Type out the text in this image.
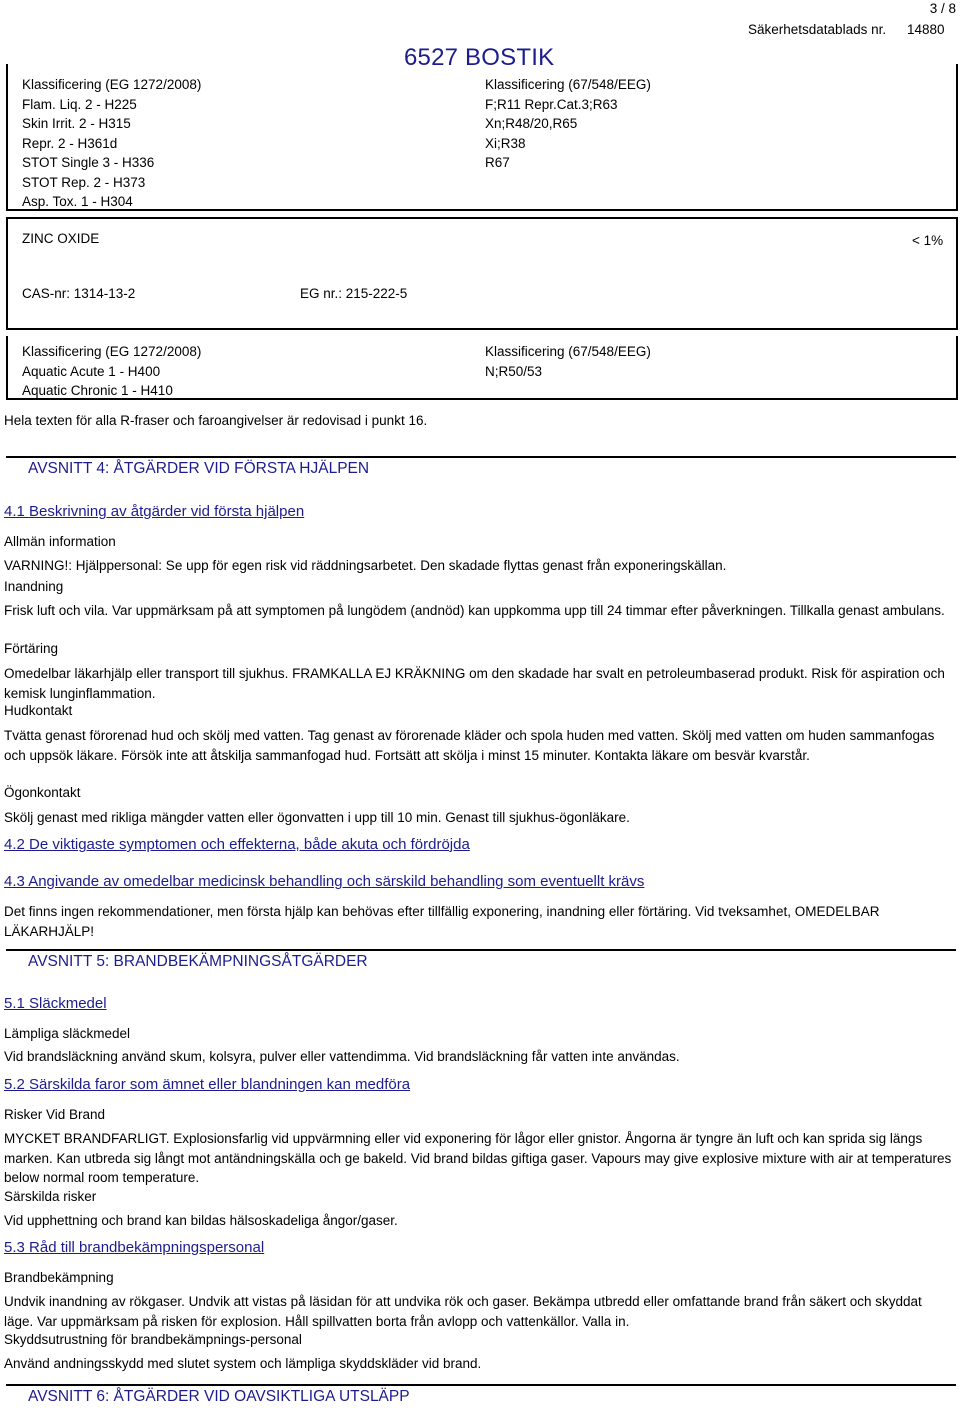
6527 BOSTIK
Säkerhetsdatablads nr. 14880
3 / 8
Klassificering (EG 1272/2008)
Flam. Liq. 2 - H225
Skin Irrit. 2 - H315
Repr. 2 - H361d
STOT Single 3 - H336
STOT Rep. 2 - H373
Asp. Tox. 1 - H304
Klassificering (67/548/EEG)
F;R11 Repr.Cat.3;R63
Xn;R48/20,R65
Xi;R38
R67
ZINC OXIDE	< 1%
CAS-nr: 1314-13-2	EG nr.: 215-222-5
Klassificering (EG 1272/2008)
Aquatic Acute 1 - H400
Aquatic Chronic 1 - H410
Klassificering (67/548/EEG)
N;R50/53
Hela texten för alla R-fraser och faroangivelser är redovisad i punkt 16.
AVSNITT 4: ÅTGÄRDER VID FÖRSTA HJÄLPEN
4.1 Beskrivning av åtgärder vid första hjälpen
Allmän information
VARNING!: Hjälppersonal: Se upp för egen risk vid räddningsarbetet. Den skadade flyttas genast från exponeringskällan.
Inandning
Frisk luft och vila. Var uppmärksam på att symptomen på lungödem (andnöd) kan uppkomma upp till 24 timmar efter påverkningen. Tillkalla genast ambulans.
Förtäring
Omedelbar läkarhjälp eller transport till sjukhus. FRAMKALLA EJ KRÄKNING om den skadade har svalt en petroleumbaserad produkt. Risk för aspiration och kemisk lunginflammation.
Hudkontakt
Tvätta genast förorenad hud och skölj med vatten. Tag genast av förorenade kläder och spola huden med vatten. Skölj med vatten om huden sammanfogas och uppsök läkare. Försök inte att åtskilja sammanfogad hud. Fortsätt att skölja i minst 15 minuter. Kontakta läkare om besvär kvarstår.
Ögonkontakt
Skölj genast med rikliga mängder vatten eller ögonvatten i upp till 10 min. Genast till sjukhus-ögonläkare.
4.2 De viktigaste symptomen och effekterna, både akuta och fördröjda
4.3 Angivande av omedelbar medicinsk behandling och särskild behandling som eventuellt krävs
Det finns ingen rekommendationer, men första hjälp kan behövas efter tillfällig exponering, inandning eller förtäring. Vid tveksamhet, OMEDELBAR LÄKARHJÄLP!
AVSNITT 5: BRANDBEKÄMPNINGSÅTGÄRDER
5.1 Släckmedel
Lämpliga släckmedel
Vid brandsläckning använd skum, kolsyra, pulver eller vattendimma. Vid brandsläckning får vatten inte användas.
5.2 Särskilda faror som ämnet eller blandningen kan medföra
Risker Vid Brand
MYCKET BRANDFARLIGT. Explosionsfarlig vid uppvärmning eller vid exponering för lågor eller gnistor. Ångorna är tyngre än luft och kan sprida sig längs marken. Kan utbreda sig långt mot antändningskälla och ge bakeld. Vid brand bildas giftiga gaser. Vapours may give explosive mixture with air at temperatures below normal room temperature.
Särskilda risker
Vid upphettning och brand kan bildas hälsoskadeliga ångor/gaser.
5.3 Råd till brandbekämpningspersonal
Brandbekämpning
Undvik inandning av rökgaser. Undvik att vistas på läsidan för att undvika rök och gaser. Bekämpa utbredd eller omfattande brand från säkert och skyddat läge. Var uppmärksam på risken för explosion. Håll spillvatten borta från avlopp och vattenkällor. Valla in.
Skyddsutrustning för brandbekämpnings-personal
Använd andningsskydd med slutet system och lämpliga skyddskläder vid brand.
AVSNITT 6: ÅTGÄRDER VID OAVSIKTLIGA UTSLÄPP
